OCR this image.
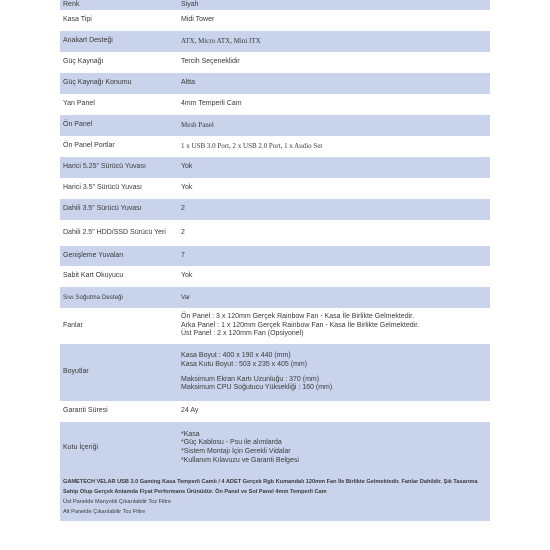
Renk	Siyah
Kasa Tipi	Midi Tower
Anakart Desteği	ATX, Micro ATX, Mini ITX
Güç Kaynağı	Tercih Seçeneklidir
Güç Kaynağı Konumu	Altta
Yan Panel	4mm Temperli Cam
Ön Panel	Mesh Panel
Ön Panel Portlar	1 x USB 3.0 Port, 2 x USB 2.0 Port, 1 x Audio Set
Harici 5.25" Sürücü Yuvası	Yok
Harici 3.5" Sürücü Yuvası	Yok
Dahili 3.5" Sürücü Yuvası	2
Dahili 2.5" HDD/SSD Sürücü Yeri	2
Genişleme Yuvaları	7
Sabit Kart Okuyucu	Yok
Sıvı Soğutma Desteği	Var
Fanlar	Ön Panel : 3 x 120mm Gerçek Rainbow Fan - Kasa İle Birlikte Gelmektedir.
Arka Panel : 1 x 120mm Gerçek Rainbow Fan - Kasa İle Birlikte Gelmektedir.
Üst Panel : 2 x 120mm Fan (Opsiyonel)

Boyutlar	Kasa Boyut : 400 x 190 x 440 (mm)
Kasa Kutu Boyut : 503 x 235 x 405 (mm)
Maksimum Ekran Kartı Uzunluğu : 370 (mm)
Maksimum CPU Soğutucu Yüksekliği : 160 (mm)

Garanti Süresi	24 Ay
Kutu İçeriği	*Kasa
*Güç Kablosu - Psu ile alımlarda
*Sistem Montajı İçin Gerekli Vidalar
*Kullanım Kılavuzu ve Garanti Belgesi
GAMETECH VELAR USB 3.0 Gaming Kasa Temperli Camlı / 4 ADET Gerçek Rgb Kumandalı 120mm Fan İle Birlikte Gelmektedir. Fanlar Dahildir. Şık Tasarıma Sahip Olup Gerçek Anlamda Fiyat Performans Ürünüdür. Ön Panel ve Sol Panel 4mm Temperli Cam
Üst Panelde Manyotik Çıkarılabilir Toz Filtre
Alt Panelde Çıkarılabilir Toz Filtre
